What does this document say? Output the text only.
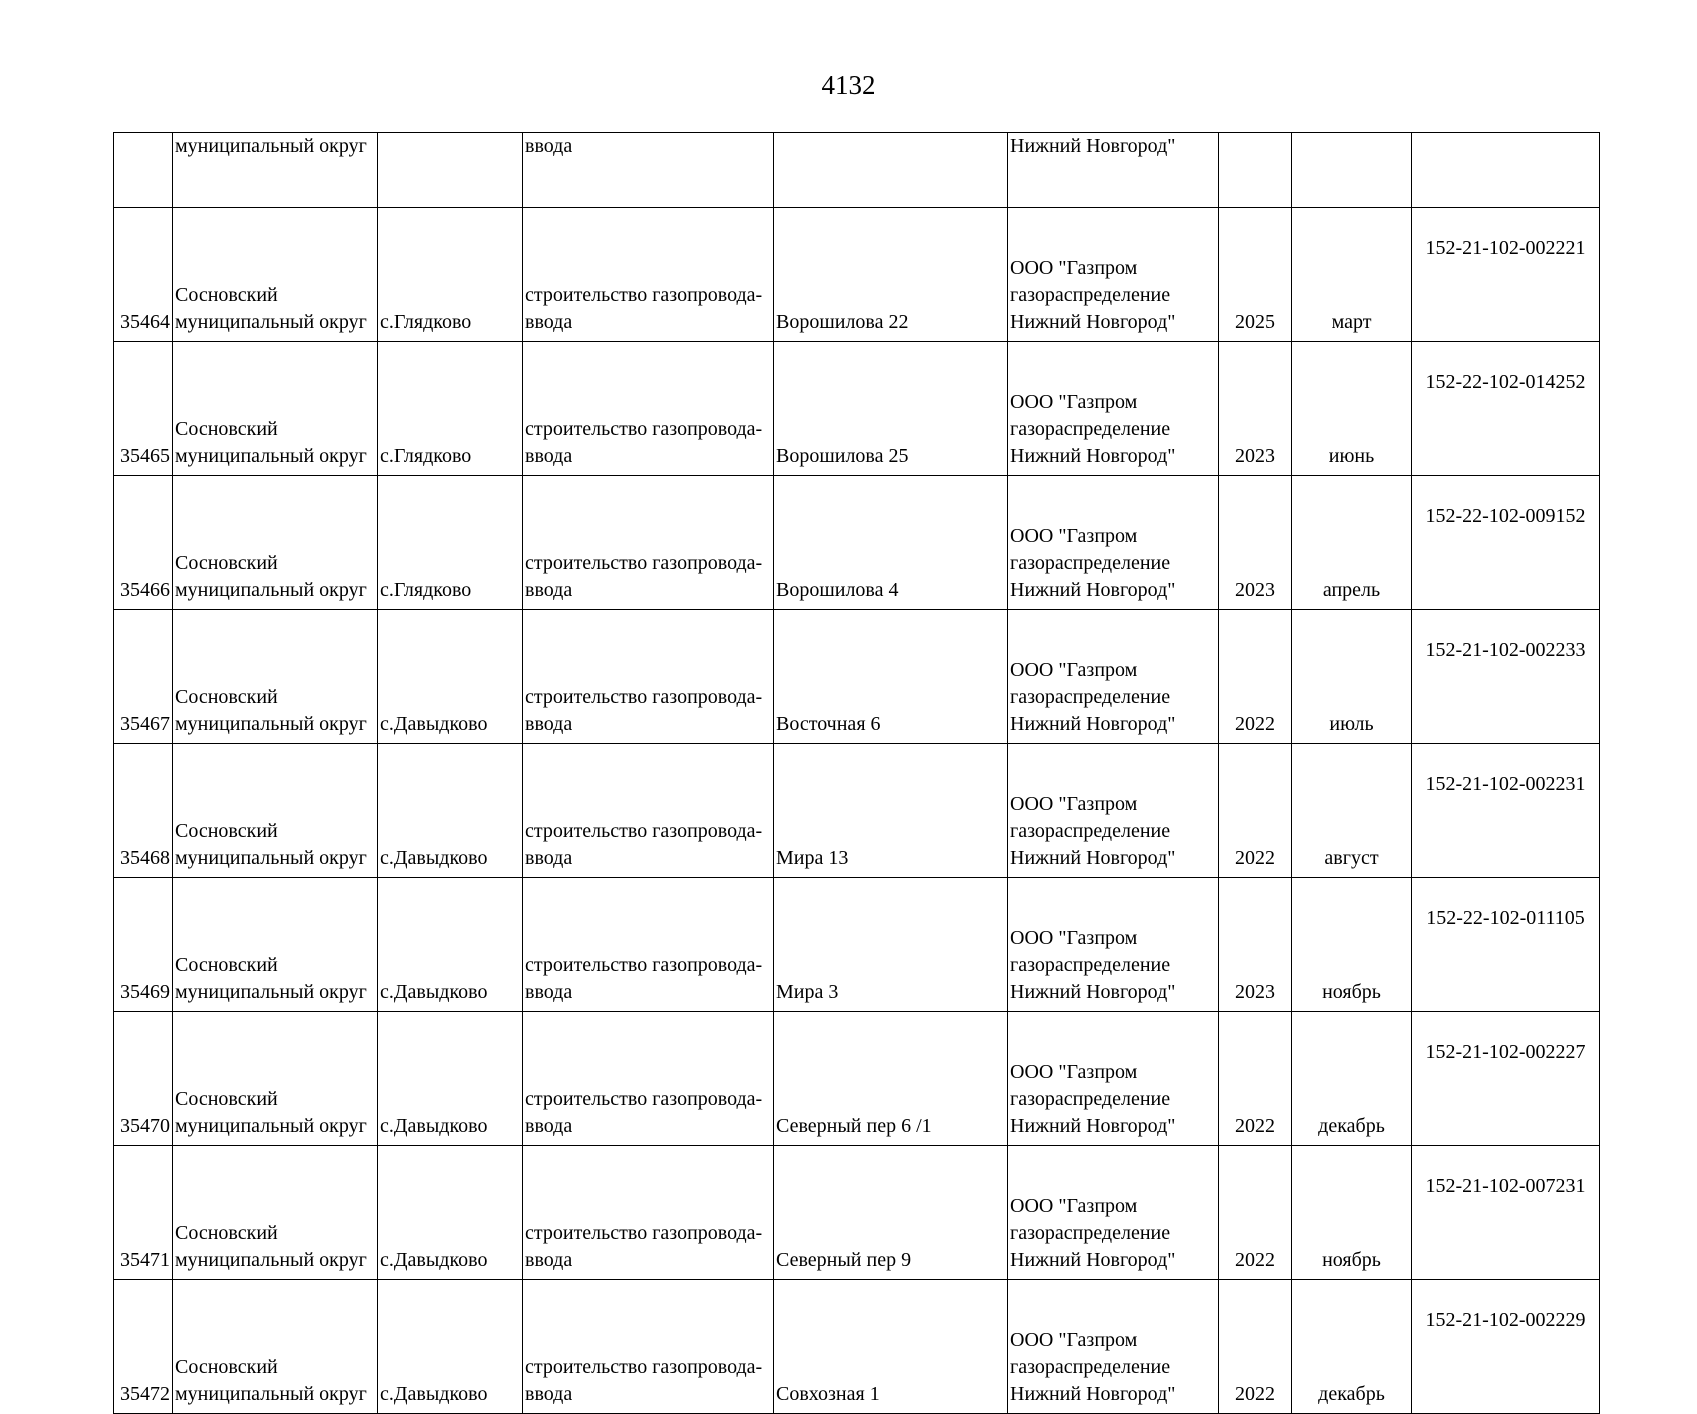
4132
	муниципальный округ		ввода		Нижний Новгород"			
35464	Сосновский
муниципальный округ	с.Глядково	строительство газопровода-
ввода	Ворошилова 22	ООО "Газпром
газораспределение
Нижний Новгород"	2025	март	152-21-102-002221
35465	Сосновский
муниципальный округ	с.Глядково	строительство газопровода-
ввода	Ворошилова 25	ООО "Газпром
газораспределение
Нижний Новгород"	2023	июнь	152-22-102-014252
35466	Сосновский
муниципальный округ	с.Глядково	строительство газопровода-
ввода	Ворошилова 4	ООО "Газпром
газораспределение
Нижний Новгород"	2023	апрель	152-22-102-009152
35467	Сосновский
муниципальный округ	с.Давыдково	строительство газопровода-
ввода	Восточная 6	ООО "Газпром
газораспределение
Нижний Новгород"	2022	июль	152-21-102-002233
35468	Сосновский
муниципальный округ	с.Давыдково	строительство газопровода-
ввода	Мира 13	ООО "Газпром
газораспределение
Нижний Новгород"	2022	август	152-21-102-002231
35469	Сосновский
муниципальный округ	с.Давыдково	строительство газопровода-
ввода	Мира 3	ООО "Газпром
газораспределение
Нижний Новгород"	2023	ноябрь	152-22-102-011105
35470	Сосновский
муниципальный округ	с.Давыдково	строительство газопровода-
ввода	Северный пер 6 /1	ООО "Газпром
газораспределение
Нижний Новгород"	2022	декабрь	152-21-102-002227
35471	Сосновский
муниципальный округ	с.Давыдково	строительство газопровода-
ввода	Северный пер 9	ООО "Газпром
газораспределение
Нижний Новгород"	2022	ноябрь	152-21-102-007231
35472	Сосновский
муниципальный округ	с.Давыдково	строительство газопровода-
ввода	Совхозная 1	ООО "Газпром
газораспределение
Нижний Новгород"	2022	декабрь	152-21-102-002229
